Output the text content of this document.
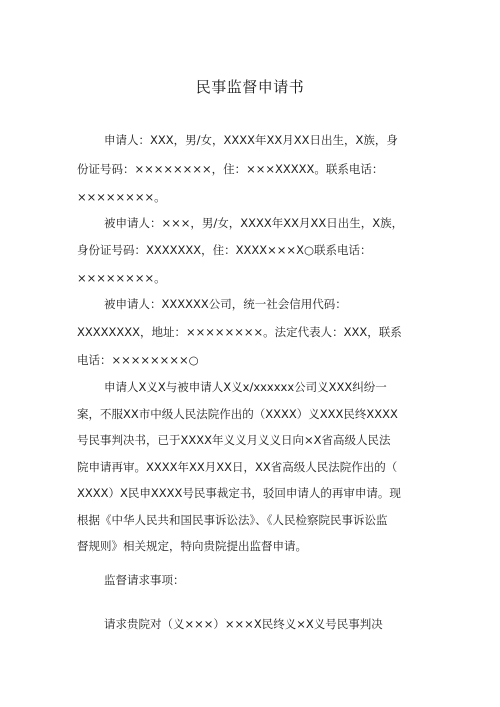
民事监督申请书
申请人：XXX，男/女，XXXX年XX月XX日出生，X族，身
份证号码：××××××××，住：×××XXXXX。联系电话：
××××××××。
被申请人：×××，男/女，XXXX年XX月XX日出生，X族，
身份证号码：XXXXXXX，住：XXXX×××X○联系电话：
××××××××。
被申请人：XXXXXX公司，统一社会信用代码：
XXXXXXXX，地址：××××××××。法定代表人：XXX，联系
电话：××××××××○
申请人X义X与被申请人X义x/xxxxxx公司义XXX纠纷一
案，不服XX市中级人民法院作出的（XXXX）义XXX民终XXXX
号民事判决书，已于XXXX年义义月义义日向×X省高级人民法
院申请再审。XXXX年XX月XX日，XX省高级人民法院作出的（
XXXX）X民申XXXX号民事裁定书，驳回申请人的再审申请。现
根据《中华人民共和国民事诉讼法》、《人民检察院民事诉讼监
督规则》相关规定，特向贵院提出监督申请。
监督请求事项：
请求贵院对（义×××）×××X民终义×X义号民事判决
